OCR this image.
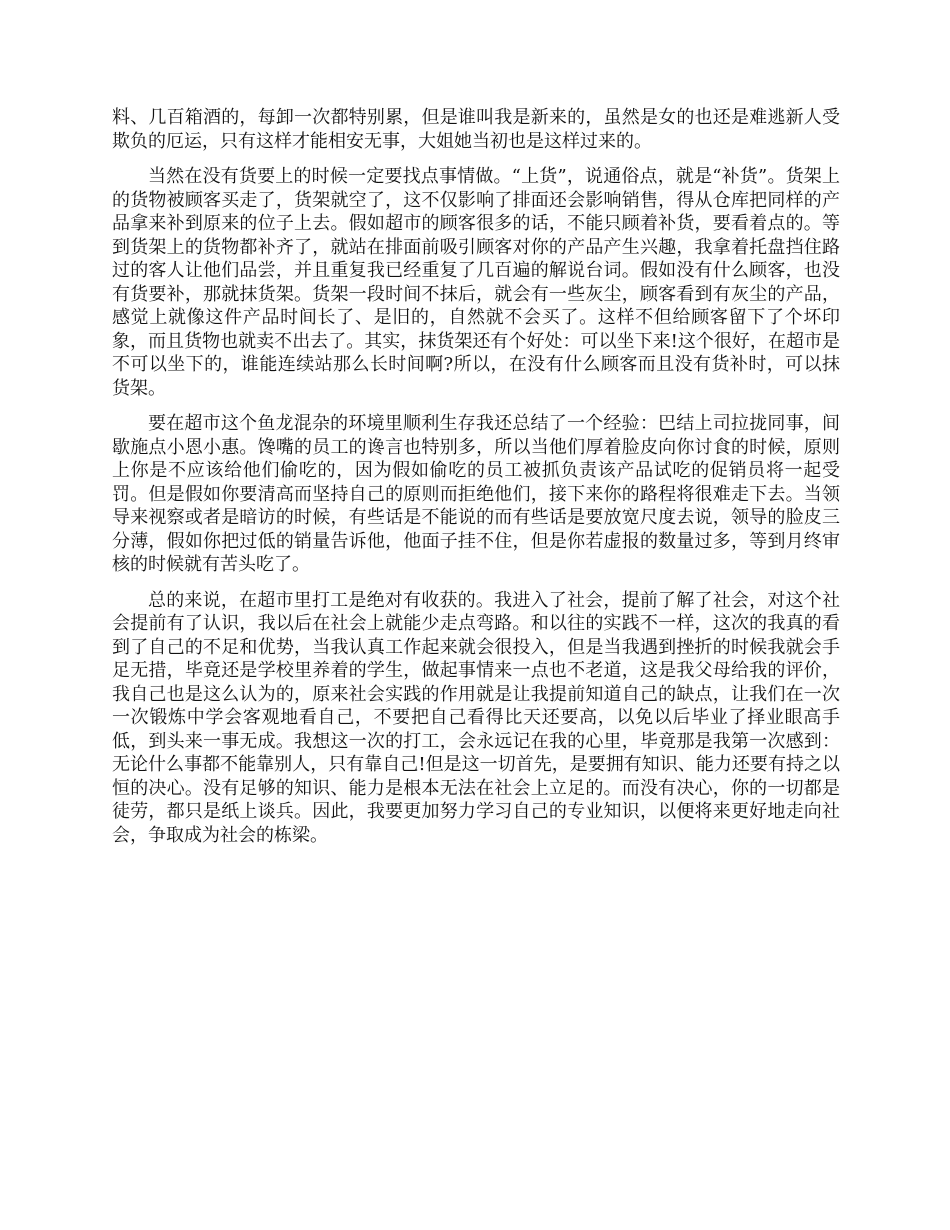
料、几百箱酒的，每卸一次都特别累，但是谁叫我是新来的，虽然是女的也还是难逃新人受欺负的厄运，只有这样才能相安无事，大姐她当初也是这样过来的。

当然在没有货要上的时候一定要找点事情做。“上货”，说通俗点，就是“补货”。货架上的货物被顾客买走了，货架就空了，这不仅影响了排面还会影响销售，得从仓库把同样的产品拿来补到原来的位子上去。假如超市的顾客很多的话，不能只顾着补货，要看着点的。等到货架上的货物都补齐了，就站在排面前吸引顾客对你的产品产生兴趣，我拿着托盘挡住路过的客人让他们品尝，并且重复我已经重复了几百遍的解说台词。假如没有什么顾客，也没有货要补，那就抹货架。货架一段时间不抹后，就会有一些灰尘，顾客看到有灰尘的产品，感觉上就像这件产品时间长了、是旧的，自然就不会买了。这样不但给顾客留下了个坏印象，而且货物也就卖不出去了。其实，抹货架还有个好处：可以坐下来!这个很好，在超市是不可以坐下的，谁能连续站那么长时间啊?所以，在没有什么顾客而且没有货补时，可以抹货架。

要在超市这个鱼龙混杂的环境里顺利生存我还总结了一个经验：巴结上司拉拢同事，间歇施点小恩小惠。馋嘴的员工的谗言也特别多，所以当他们厚着脸皮向你讨食的时候，原则上你是不应该给他们偷吃的，因为假如偷吃的员工被抓负责该产品试吃的促销员将一起受罚。但是假如你要清高而坚持自己的原则而拒绝他们，接下来你的路程将很难走下去。当领导来视察或者是暗访的时候，有些话是不能说的而有些话是要放宽尺度去说，领导的脸皮三分薄，假如你把过低的销量告诉他，他面子挂不住，但是你若虚报的数量过多，等到月终审核的时候就有苦头吃了。

总的来说，在超市里打工是绝对有收获的。我进入了社会，提前了解了社会，对这个社会提前有了认识，我以后在社会上就能少走点弯路。和以往的实践不一样，这次的我真的看到了自己的不足和优势，当我认真工作起来就会很投入，但是当我遇到挫折的时候我就会手足无措，毕竟还是学校里养着的学生，做起事情来一点也不老道，这是我父母给我的评价，我自己也是这么认为的，原来社会实践的作用就是让我提前知道自己的缺点，让我们在一次一次锻炼中学会客观地看自己，不要把自己看得比天还要高，以免以后毕业了择业眼高手低，到头来一事无成。我想这一次的打工，会永远记在我的心里，毕竟那是我第一次感到：无论什么事都不能靠别人，只有靠自己!但是这一切首先，是要拥有知识、能力还要有持之以恒的决心。没有足够的知识、能力是根本无法在社会上立足的。而没有决心，你的一切都是徒劳，都只是纸上谈兵。因此，我要更加努力学习自己的专业知识，以便将来更好地走向社会，争取成为社会的栋梁。
